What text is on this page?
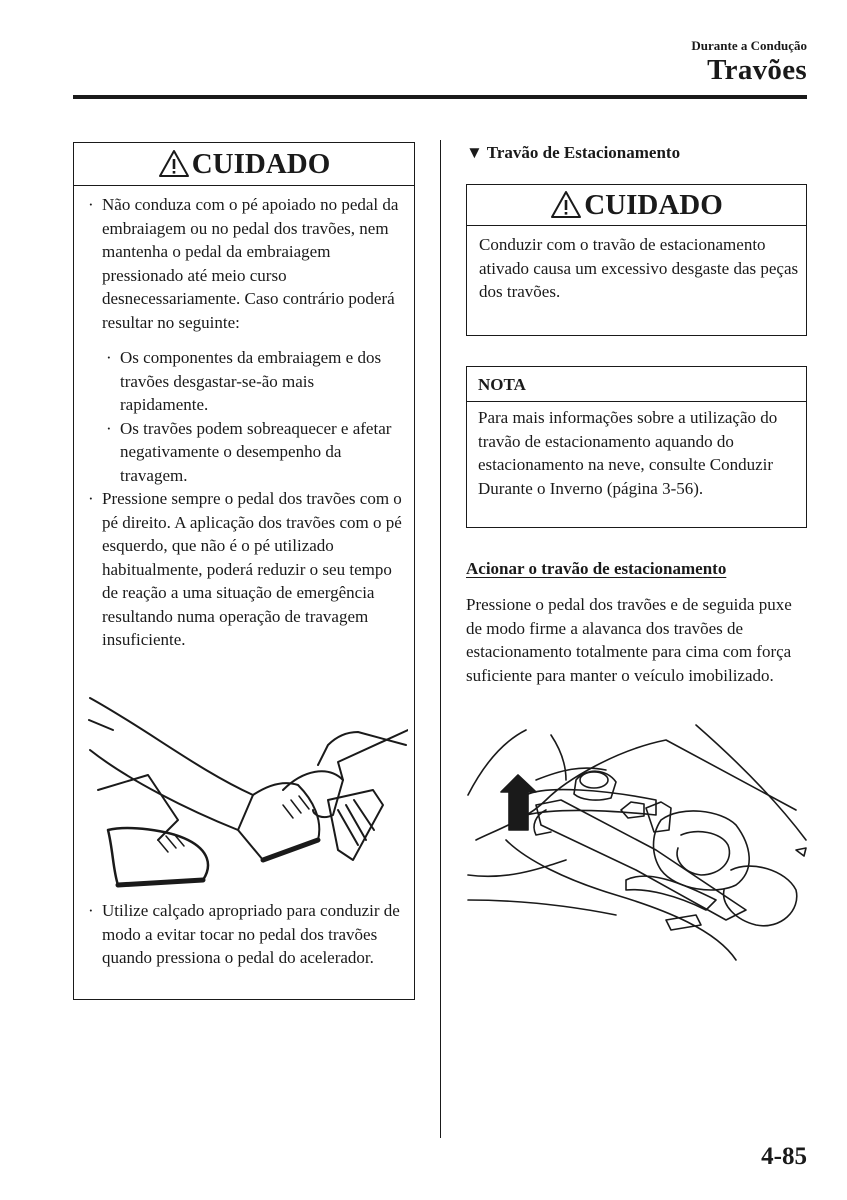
Durante a Condução
Travões
CUIDADO
· Não conduza com o pé apoiado no pedal da embraiagem ou no pedal dos travões, nem mantenha o pedal da embraiagem pressionado até meio curso desnecessariamente. Caso contrário poderá resultar no seguinte:
· Os componentes da embraiagem e dos travões desgastar-se-ão mais rapidamente.
· Os travões podem sobreaquecer e afetar negativamente o desempenho da travagem.
· Pressione sempre o pedal dos travões com o pé direito. A aplicação dos travões com o pé esquerdo, que não é o pé utilizado habitualmente, poderá reduzir o seu tempo de reação a uma situação de emergência resultando numa operação de travagem insuficiente.
· Utilize calçado apropriado para conduzir de modo a evitar tocar no pedal dos travões quando pressiona o pedal do acelerador.
▼ Travão de Estacionamento
CUIDADO
Conduzir com o travão de estacionamento ativado causa um excessivo desgaste das peças dos travões.
NOTA
Para mais informações sobre a utilização do travão de estacionamento aquando do estacionamento na neve, consulte Conduzir Durante o Inverno (página 3-56).
Acionar o travão de estacionamento
Pressione o pedal dos travões e de seguida puxe de modo firme a alavanca dos travões de estacionamento totalmente para cima com força suficiente para manter o veículo imobilizado.
4-85
